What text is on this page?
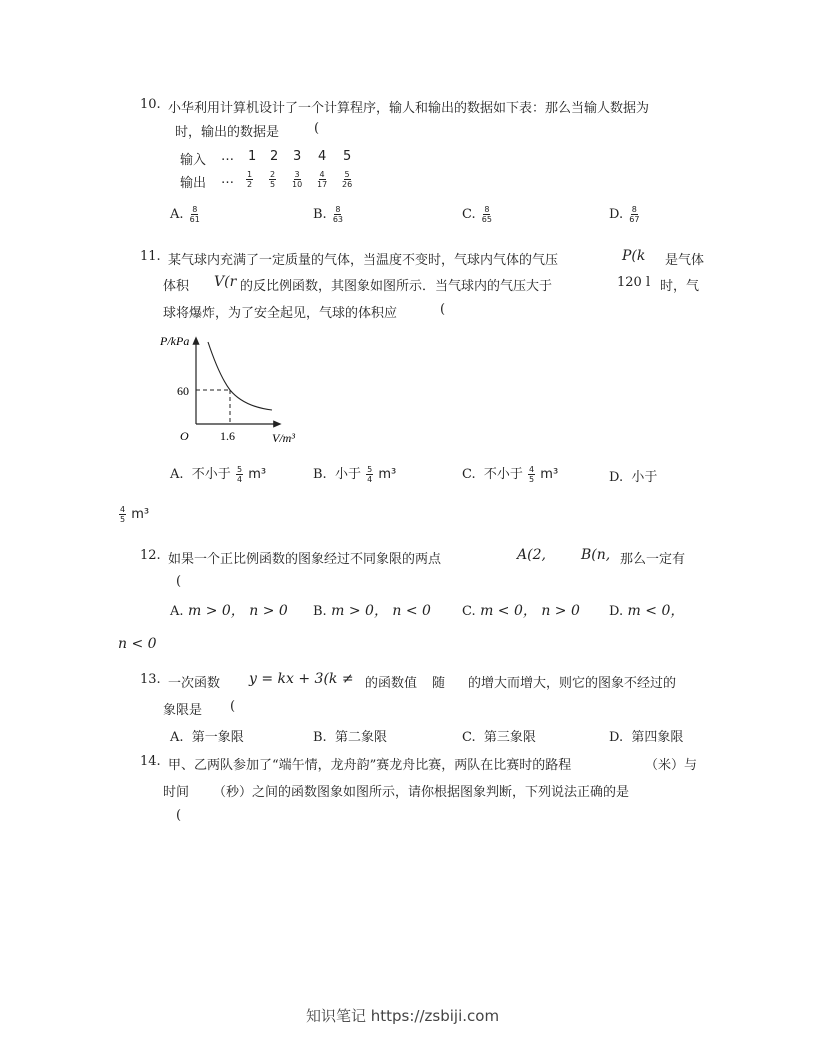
10. 小华利用计算机设计了一个计算程序，输人和输出的数据如下表：那么当输人数据为
时，输出的数据是	(
输入 … 1 2 3 4 5
输出 … $\frac{1}{2} \frac{2}{5} \frac{3}{10} \frac{4}{17} \frac{5}{26}$
A. $\frac{8}{61}$	B. $\frac{8}{63}$	C. $\frac{8}{65}$	D. $\frac{8}{67}$
11. 某气球内充满了一定质量的气体，当温度不变时，气球内气体的气压	P(k 是气体
体积 V(r 的反比例函数，其图象如图所示．当气球内的气压大于	120 l 时，气
球将爆炸，为了安全起见，气球的体积应	(
P/kPa
V/m³
O
60
1.6
A. 不小于 $\frac{5}{4} m^3$	B. 小于 $\frac{5}{4} m^3$	C. 不小于 $\frac{4}{5} m^3$	D. 小于
$\frac{4}{5} m^3$
12. 如果一个正比例函数的图象经过不同象限的两点	A(2,	B(n, 那么一定有
(
A. m > 0， n > 0 B. m > 0， n < 0 C. m < 0， n > 0 D. m < 0，
n < 0
13. 一次函数 y = kx + 3(k ≠ 的函数值 随 的增大而增大，则它的图象不经过的
象限是 (
A. 第一象限	B. 第二象限	C. 第三象限	D. 第四象限
14. 甲、乙两队参加了“端午情，龙舟韵”赛龙舟比赛，两队在比赛时的路程	（米）与
时间 （秒）之间的函数图象如图所示，请你根据图象判断，下列说法正确的是
(
知识笔记 https://zsbiji.com
